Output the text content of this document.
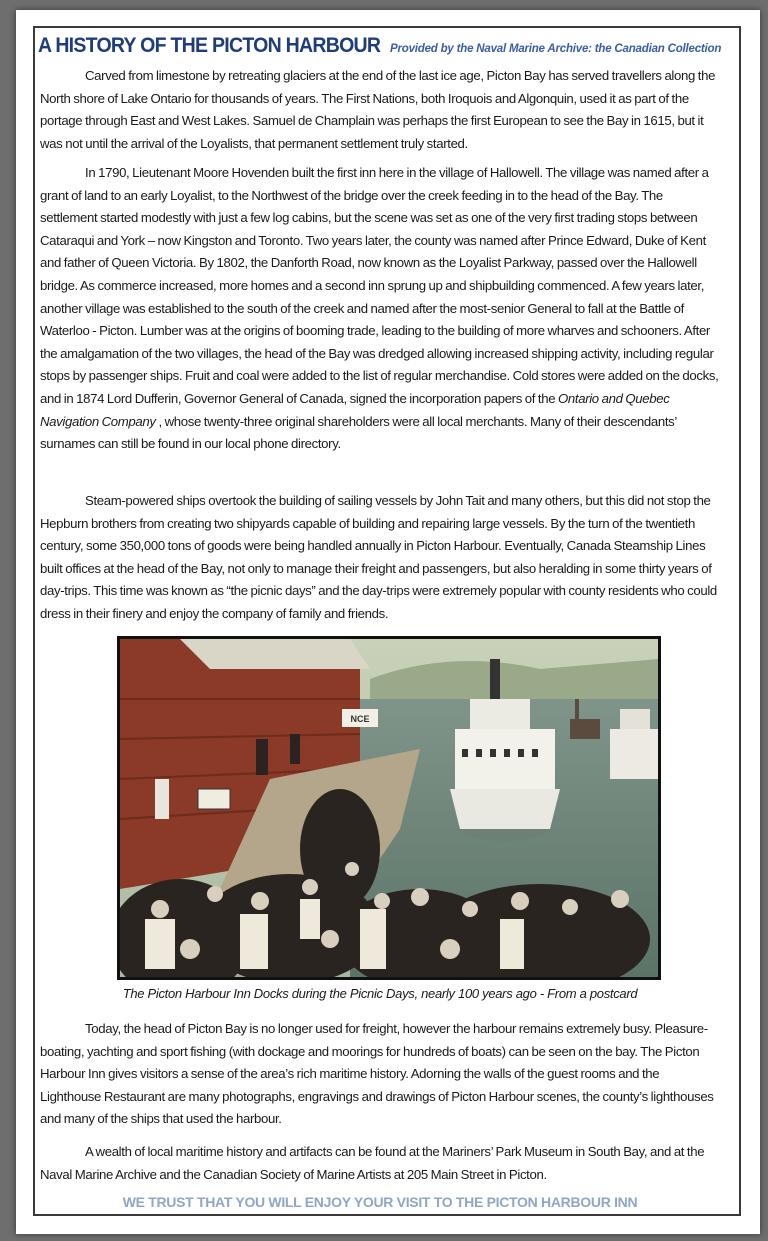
A HISTORY OF THE PICTON HARBOUR Provided by the Naval Marine Archive: the Canadian Collection
Carved from limestone by retreating glaciers at the end of the last ice age, Picton Bay has served travellers along the North shore of Lake Ontario for thousands of years. The First Nations, both Iroquois and Algonquin, used it as part of the portage through East and West Lakes. Samuel de Champlain was perhaps the first European to see the Bay in 1615, but it was not until the arrival of the Loyalists, that permanent settlement truly started.
In 1790, Lieutenant Moore Hovenden built the first inn here in the village of Hallowell. The village was named after a grant of land to an early Loyalist, to the Northwest of the bridge over the creek feeding in to the head of the Bay. The settlement started modestly with just a few log cabins, but the scene was set as one of the very first trading stops between Cataraqui and York – now Kingston and Toronto. Two years later, the county was named after Prince Edward, Duke of Kent and father of Queen Victoria. By 1802, the Danforth Road, now known as the Loyalist Parkway, passed over the Hallowell bridge. As commerce increased, more homes and a second inn sprung up and shipbuilding commenced. A few years later, another village was established to the south of the creek and named after the most-senior General to fall at the Battle of Waterloo - Picton. Lumber was at the origins of booming trade, leading to the building of more wharves and schooners. After the amalgamation of the two villages, the head of the Bay was dredged allowing increased shipping activity, including regular stops by passenger ships. Fruit and coal were added to the list of regular merchandise. Cold stores were added on the docks, and in 1874 Lord Dufferin, Governor General of Canada, signed the incorporation papers of the Ontario and Quebec Navigation Company , whose twenty-three original shareholders were all local merchants. Many of their descendants’ surnames can still be found in our local phone directory.
Steam-powered ships overtook the building of sailing vessels by John Tait and many others, but this did not stop the Hepburn brothers from creating two shipyards capable of building and repairing large vessels. By the turn of the twentieth century, some 350,000 tons of goods were being handled annually in Picton Harbour. Eventually, Canada Steamship Lines built offices at the head of the Bay, not only to manage their freight and passengers, but also heralding in some thirty years of day-trips. This time was known as “the picnic days” and the day-trips were extremely popular with county residents who could dress in their finery and enjoy the company of family and friends.
NCE
The Picton Harbour Inn Docks during the Picnic Days, nearly 100 years ago - From a postcard
Today, the head of Picton Bay is no longer used for freight, however the harbour remains extremely busy. Pleasure-boating, yachting and sport fishing (with dockage and moorings for hundreds of boats) can be seen on the bay. The Picton Harbour Inn gives visitors a sense of the area’s rich maritime history. Adorning the walls of the guest rooms and the Lighthouse Restaurant are many photographs, engravings and drawings of Picton Harbour scenes, the county’s lighthouses and many of the ships that used the harbour.
A wealth of local maritime history and artifacts can be found at the Mariners’ Park Museum in South Bay, and at the Naval Marine Archive and the Canadian Society of Marine Artists at 205 Main Street in Picton.
WE TRUST THAT YOU WILL ENJOY YOUR VISIT TO THE PICTON HARBOUR INN
